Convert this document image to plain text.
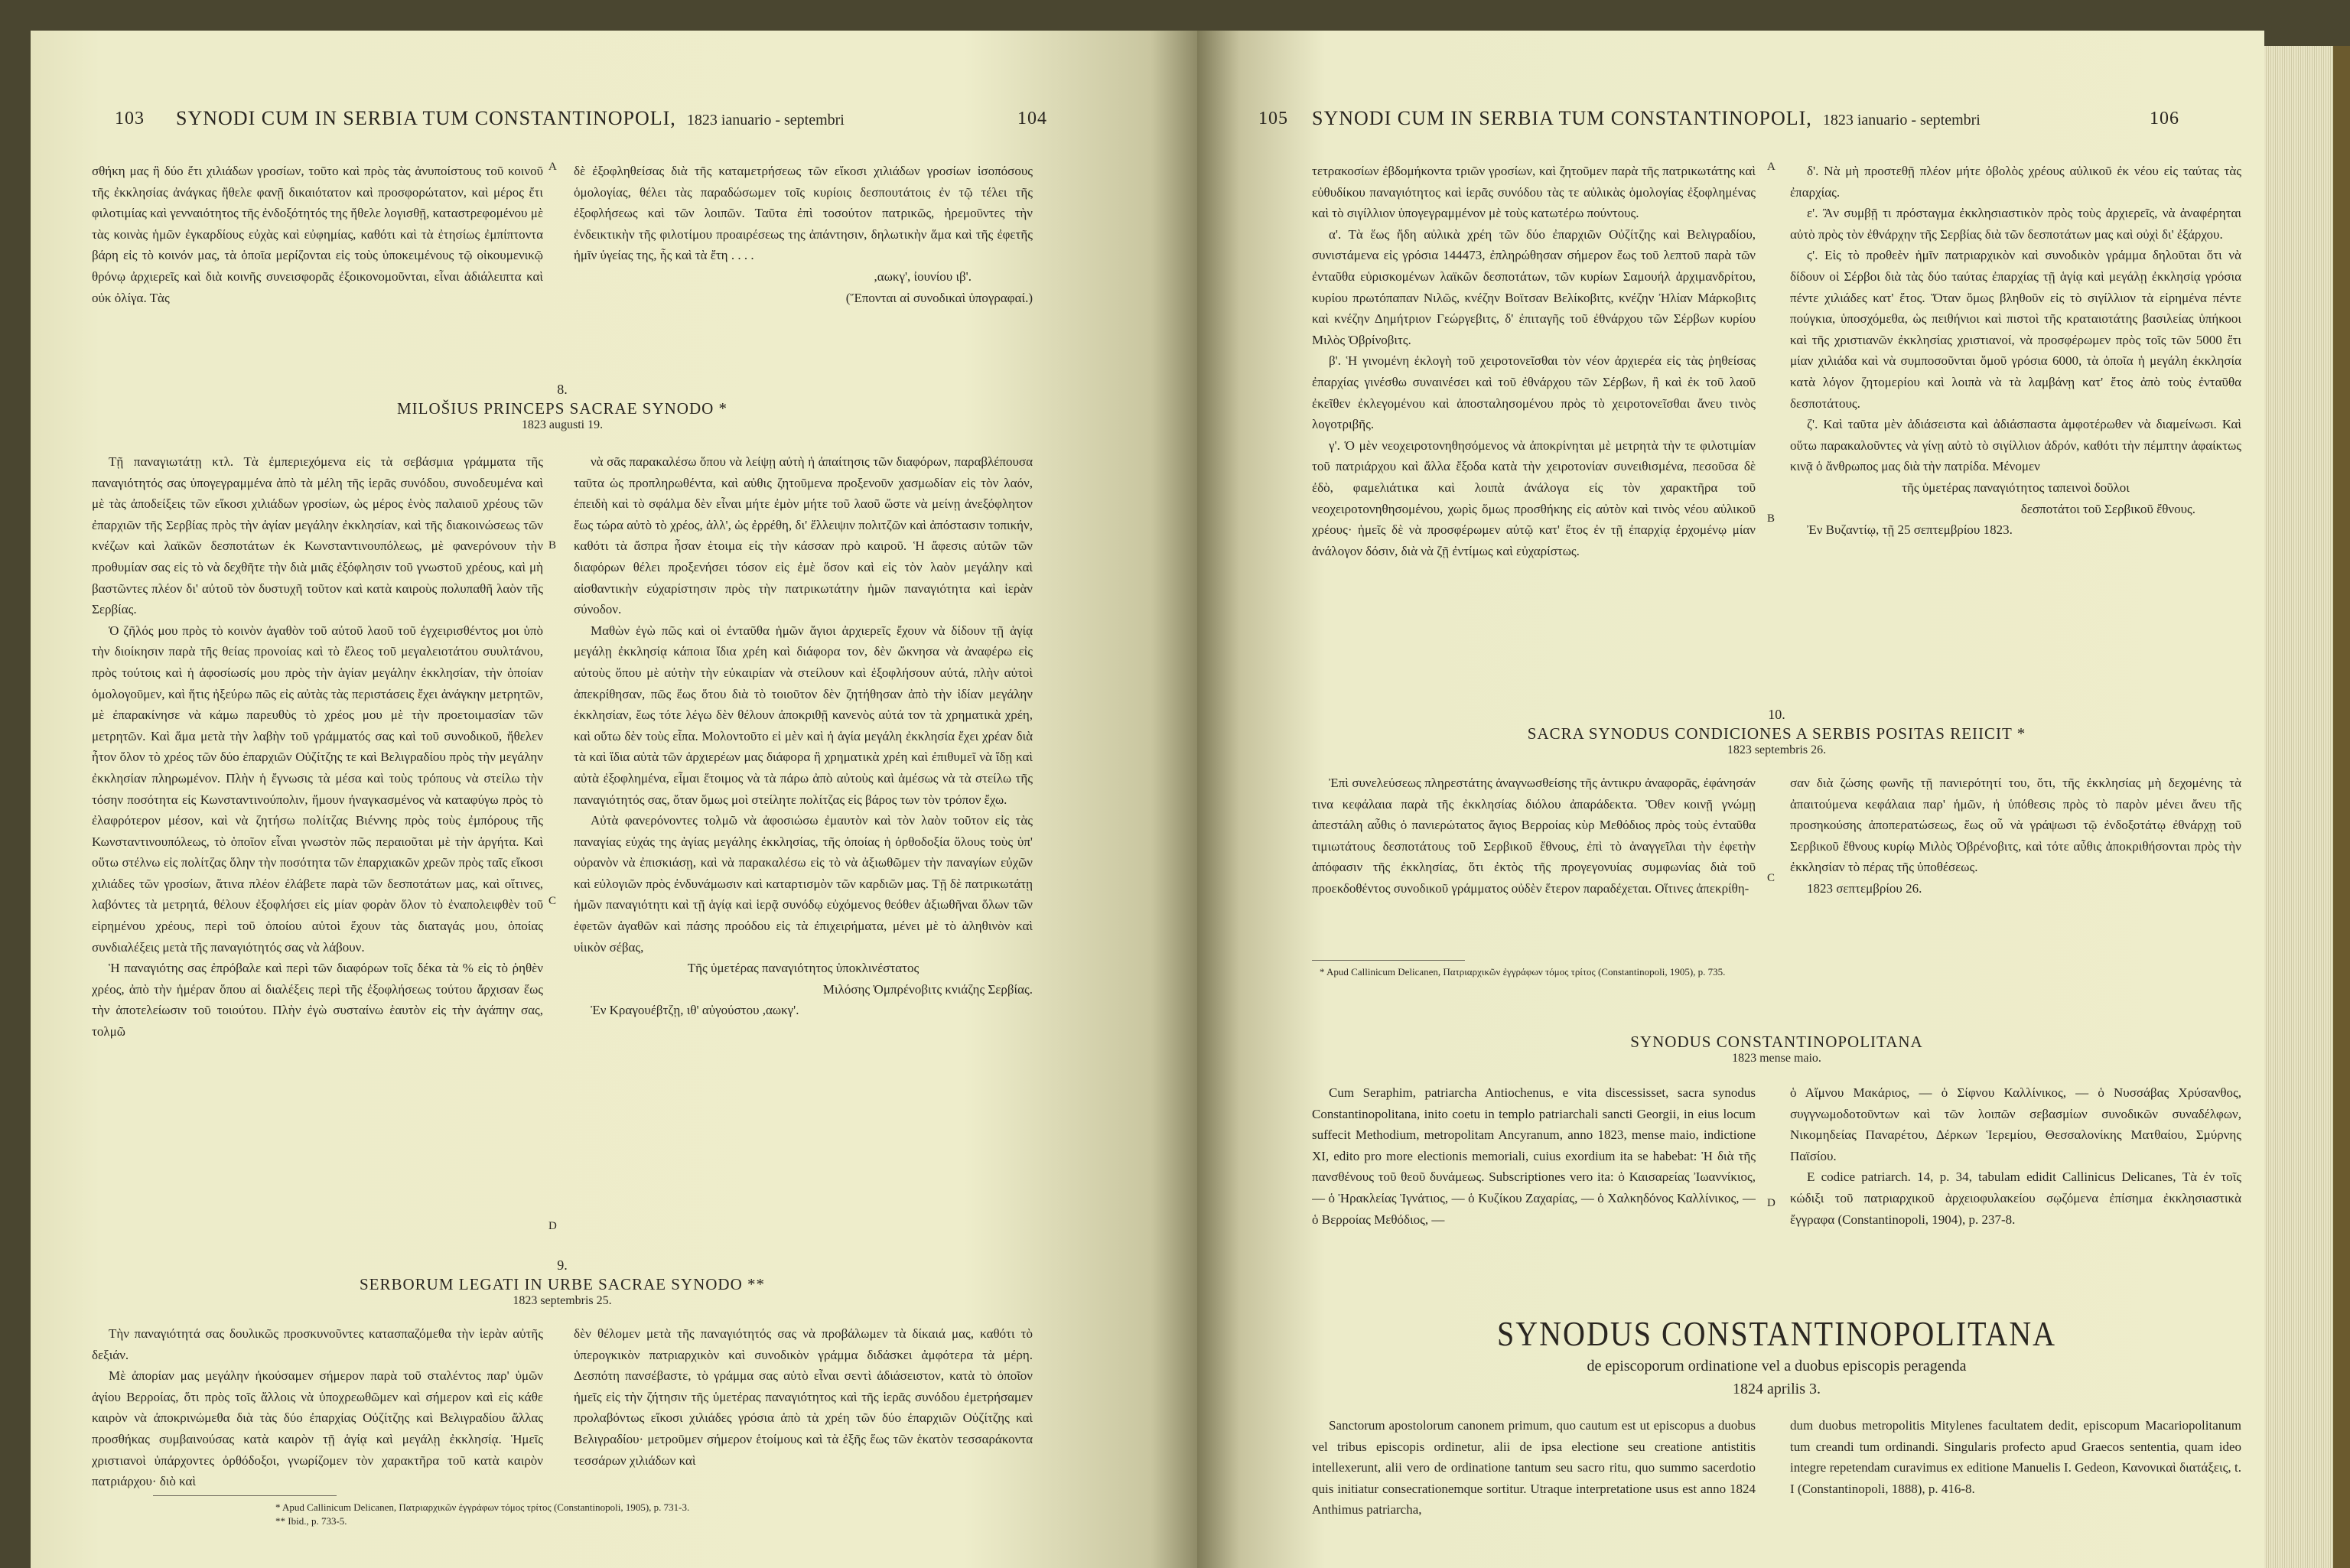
103 SYNODI CUM IN SERBIA TUM CONSTANTINOPOLI, 1823 ianuario - septembri	104
σθήκη μας ἢ δύο ἔτι χιλιάδων γροσίων, τοῦτο καὶ πρὸς τὰς ἀνυποίστους τοῦ κοινοῦ τῆς ἐκκλησίας ἀνάγκας ἤθελε φανῇ δικαιότατον καὶ προσφορώτατον, καὶ μέρος ἔτι φιλοτιμίας καὶ γενναιότητος τῆς ἐνδοξότητός της ἤθελε λογισθῇ, καταστρεφομένου μὲ τὰς κοινὰς ἡμῶν ἐγκαρδίους εὐχὰς καὶ εὐφημίας, καθότι καὶ τὰ ἐτησίως ἐμπίπτοντα βάρη εἰς τὸ κοινόν μας, τὰ ὁποῖα μερίζονται εἰς τοὺς ὑποκειμένους τῷ οἰκουμενικῷ θρόνῳ ἀρχιερεῖς καὶ διὰ κοινῆς συνεισφορᾶς ἐξοικονομοῦνται, εἶναι ἀδιάλειπτα καὶ οὐκ ὀλίγα. Τὰς

δὲ ἐξοφληθείσας διὰ τῆς καταμετρήσεως τῶν εἴκοσι χιλιάδων γροσίων ἰσοπόσους ὁμολογίας, θέλει τὰς παραδώσωμεν τοῖς κυρίοις δεσπουτάτοις ἐν τῷ τέλει τῆς ἐξοφλήσεως καὶ τῶν λοιπῶν. Ταῦτα ἐπὶ τοσούτον πατρικῶς, ἠρεμοῦντες τὴν ἐνδεικτικὴν τῆς φιλοτίμου προαιρέσεως της ἀπάντησιν, δηλωτικὴν ἅμα καὶ τῆς ἐφετῆς ἡμῖν ὑγείας της, ἧς καὶ τὰ ἔτη . . . .

,αωκγ', ἰουνίου ιβ'.
(Ἕπονται αἱ συνοδικαὶ ὑπογραφαί.)
8.
MILOŠIUS PRINCEPS SACRAE SYNODO *
1823 augusti 19.

Τῇ παναγιωτάτῃ κτλ. Τὰ ἐμπεριεχόμενα εἰς τὰ σεβάσμια γράμματα τῆς παναγιότητός σας ὑπογεγραμμένα ἀπὸ τὰ μέλη τῆς ἱερᾶς συνόδου, συνοδευμένα καὶ μὲ τὰς ἀποδείξεις τῶν εἴκοσι χιλιάδων γροσίων, ὡς μέρος ἑνὸς παλαιοῦ χρέους τῶν ἐπαρχιῶν τῆς Σερβίας πρὸς τὴν ἁγίαν μεγάλην ἐκκλησίαν, καὶ τῆς διακοινώσεως τῶν κνέζων καὶ λαϊκῶν δεσποτάτων ἐκ Κωνσταντινουπόλεως, μὲ φανερόνουν τὴν προθυμίαν σας εἰς τὸ νὰ δεχθῆτε τὴν διὰ μιᾶς ἐξόφλησιν τοῦ γνωστοῦ χρέους, καὶ μὴ βαστῶντες πλέον δι' αὐτοῦ τὸν δυστυχῆ τοῦτον καὶ κατὰ καιροὺς πολυπαθῆ λαὸν τῆς Σερβίας.

Ὁ ζῆλός μου πρὸς τὸ κοινὸν ἀγαθὸν τοῦ αὐτοῦ λαοῦ τοῦ ἐγχειρισθέντος μοι ὑπὸ τὴν διοίκησιν παρὰ τῆς θείας προνοίας καὶ τὸ ἔλεος τοῦ μεγαλειοτάτου συυλτάνου, πρὸς τούτοις καὶ ἡ ἀφοσίωσίς μου πρὸς τὴν ἁγίαν μεγάλην ἐκκλησίαν, τὴν ὁποίαν ὁμολογοῦμεν, καὶ ἥτις ἠξεύρω πῶς εἰς αὐτὰς τὰς περιστάσεις ἔχει ἀνάγκην μετρητῶν, μὲ ἐπαρακίνησε νὰ κάμω παρευθὺς τὸ χρέος μου μὲ τὴν προετοιμασίαν τῶν μετρητῶν. Καὶ ἅμα μετὰ τὴν λαβὴν τοῦ γράμματός σας καὶ τοῦ συνοδικοῦ, ἤθελεν ἦτον ὅλον τὸ χρέος τῶν δύο ἐπαρχιῶν Οὐζίτζης τε καὶ Βελιγραδίου πρὸς τὴν μεγάλην ἐκκλησίαν πληρωμένον. Πλὴν ἡ ἔγνωσις τὰ μέσα καὶ τοὺς τρόπους νὰ στείλω τὴν τόσην ποσότητα εἰς Κωνσταντινούπολιν, ἤμουν ἠναγκασμένος νὰ καταφύγω πρὸς τὸ ἐλαφρότερον μέσον, καὶ νὰ ζητήσω πολίτζας Βιέννης πρὸς τοὺς ἐμπόρους τῆς Κωνσταντινουπόλεως, τὸ ὁποῖον εἶναι γνωστὸν πῶς περαιοῦται μὲ τὴν ἀργήτα. Καὶ οὕτω στέλνω εἰς πολίτζας ὅλην τὴν ποσότητα τῶν ἐπαρχιακῶν χρεῶν πρὸς ταῖς εἴκοσι χιλιάδες τῶν γροσίων, ἅτινα πλέον ἐλάβετε παρὰ τῶν δεσποτάτων μας, καὶ οἵτινες, λαβόντες τὰ μετρητά, θέλουν ἐξοφλήσει εἰς μίαν φορὰν ὅλον τὸ ἐναπολειφθὲν τοῦ εἰρημένου χρέους, περὶ τοῦ ὁποίου αὐτοὶ ἔχουν τὰς διαταγάς μου, ὁποίας συνδιαλέξεις μετὰ τῆς παναγιότητός σας νὰ λάβουν.

Ἡ παναγιότης σας ἐπρόβαλε καὶ περὶ τῶν διαφόρων τοῖς δέκα τὰ % εἰς τὸ ῥηθὲν χρέος, ἀπὸ τὴν ἡμέραν ὅπου αἱ διαλέξεις περὶ τῆς ἐξοφλήσεως τούτου ἄρχισαν ἕως τὴν ἀποτελείωσιν τοῦ τοιούτου. Πλὴν ἐγὼ συσταίνω ἑαυτὸν εἰς τὴν ἀγάπην σας, τολμῶ

νὰ σᾶς παρακαλέσω ὅπου νὰ λείψῃ αὐτὴ ἡ ἀπαίτησις τῶν διαφόρων, παραβλέπουσα ταῦτα ὡς προπληρωθέντα, καὶ αὐθις ζητοῦμενα προξενοῦν χασμωδίαν εἰς τὸν λαόν, ἐπειδὴ καὶ τὸ σφάλμα δὲν εἶναι μήτε ἐμὸν μήτε τοῦ λαοῦ ὥστε νὰ μείνῃ ἀνεξόφλητον ἕως τώρα αὐτὸ τὸ χρέος, ἀλλ', ὡς ἐρρέθη, δι' ἔλλειψιν πολιτζῶν καὶ ἀπόστασιν τοπικήν, καθότι τὰ ἄσπρα ἦσαν ἑτοιμα εἰς τὴν κάσσαν πρὸ καιροῦ. Ἡ ἄφεσις αὐτῶν τῶν διαφόρων θέλει προξενήσει τόσον εἰς ἐμὲ ὅσον καὶ εἰς τὸν λαὸν μεγάλην καὶ αἰσθαντικὴν εὐχαρίστησιν πρὸς τὴν πατρικωτάτην ἡμῶν παναγιότητα καὶ ἱερὰν σύνοδον.

Μαθὼν ἐγὼ πῶς καὶ οἱ ἐνταῦθα ἡμῶν ἅγιοι ἀρχιερεῖς ἔχουν νὰ δίδουν τῇ ἁγίᾳ μεγάλῃ ἐκκλησίᾳ κάποια ἴδια χρέη καὶ διάφορα τον, δὲν ὤκνησα νὰ ἀναφέρω εἰς αὐτοὺς ὅπου μὲ αὐτὴν τὴν εὐκαιρίαν νὰ στείλουν καὶ ἐξοφλήσουν αὐτά, πλὴν αὐτοὶ ἀπεκρίθησαν, πῶς ἕως ὅτου διὰ τὸ τοιοῦτον δὲν ζητήθησαν ἀπὸ τὴν ἰδίαν μεγάλην ἐκκλησίαν, ἕως τότε λέγω δὲν θέλουν ἀποκριθῇ κανενὸς αὐτά τον τὰ χρηματικὰ χρέη, καὶ οὕτω δὲν τοὺς εἶπα. Μολοντοῦτο εἰ μὲν καὶ ἡ ἁγία μεγάλη ἐκκλησία ἔχει χρέαν διὰ τὰ καὶ ἴδια αὐτὰ τῶν ἀρχιερέων μας διάφορα ἢ χρηματικὰ χρέη καὶ ἐπιθυμεῖ νὰ ἴδῃ καὶ αὐτὰ ἐξοφλημένα, εἶμαι ἕτοιμος νὰ τὰ πάρω ἀπὸ αὐτοὺς καὶ ἀμέσως νὰ τὰ στείλω τῆς παναγιότητός σας, ὅταν ὅμως μοὶ στείλητε πολίτζας εἰς βάρος των τὸν τρόπον ἔχω.

Αὐτὰ φανερόνοντες τολμῶ νὰ ἀφοσιώσω ἐμαυτὸν καὶ τὸν λαὸν τοῦτον εἰς τὰς παναγίας εὐχάς της ἁγίας μεγάλης ἐκκλησίας, τῆς ὁποίας ἡ ὀρθοδοξία ὅλους τοὺς ὑπ' οὐρανὸν νὰ ἐπισκιάσῃ, καὶ νὰ παρακαλέσω εἰς τὸ νὰ ἀξιωθῶμεν τὴν παναγίων εὐχῶν καὶ εὐλογιῶν πρὸς ἐνδυνάμωσιν καὶ καταρτισμὸν τῶν καρδιῶν μας. Τῇ δὲ πατρικωτάτῃ ἡμῶν παναγιότητι καὶ τῇ ἁγίᾳ καὶ ἱερᾷ συνόδῳ εὐχόμενος θεόθεν ἀξιωθῆναι ὅλων τῶν ἐφετῶν ἀγαθῶν καὶ πάσης προόδου εἰς τὰ ἐπιχειρήματα, μένει μὲ τὸ ἀληθινὸν καὶ υἱικὸν σέβας,

Τῆς ὑμετέρας παναγιότητος ὑποκλινέστατος
Μιλόσης Ὀμπρένοβιτς κνιάζης Σερβίας.
Ἐν Κραγουέβτζῃ, ιθ' αὐγούστου ,αωκγ'.
9.
SERBORUM LEGATI IN URBE SACRAE SYNODO **
1823 septembris 25.

Τὴν παναγιότητά σας δουλικῶς προσκυνοῦντες κατασπαζόμεθα τὴν ἱερὰν αὐτῆς δεξιάν.

Μὲ ἀπορίαν μας μεγάλην ἠκούσαμεν σήμερον παρὰ τοῦ σταλέντος παρ' ὑμῶν ἁγίου Βερροίας, ὅτι πρὸς τοῖς ἄλλοις νὰ ὑποχρεωθῶμεν καὶ σήμερον καὶ εἰς κάθε καιρὸν νὰ ἀποκρινώμεθα διὰ τὰς δύο ἐπαρχίας Οὐζίτζης καὶ Βελιγραδίου ἄλλας προσθήκας συμβαινούσας κατὰ καιρὸν τῇ ἁγίᾳ καὶ μεγάλῃ ἐκκλησίᾳ. Ἡμεῖς χριστιανοὶ ὑπάρχοντες ὀρθόδοξοι, γνωρίζομεν τὸν χαρακτῆρα τοῦ κατὰ καιρὸν πατριάρχου· διὸ καὶ

δὲν θέλομεν μετὰ τῆς παναγιότητός σας νὰ προβάλωμεν τὰ δίκαιά μας, καθότι τὸ ὑπερογκικὸν πατριαρχικὸν καὶ συνοδικὸν γράμμα διδάσκει ἀμφότερα τὰ μέρη. Δεσπότη πανσέβαστε, τὸ γράμμα σας αὐτὸ εἶναι σεντὶ ἀδιάσειστον, κατὰ τὸ ὁποῖον ἡμεῖς εἰς τὴν ζήτησιν τῆς ὑμετέρας παναγιότητος καὶ τῆς ἱερᾶς συνόδου ἐμετρήσαμεν προλαβόντως εἴκοσι χιλιάδες γρόσια ἀπὸ τὰ χρέη τῶν δύο ἐπαρχιῶν Οὐζίτζης καὶ Βελιγραδίου· μετροῦμεν σήμερον ἑτοίμους καὶ τὰ ἐξῆς ἕως τῶν ἑκατὸν τεσσαράκοντα τεσσάρων χιλιάδων καὶ

* Apud Callinicum Delicanen, Πατριαρχικῶν ἐγγράφων τόμος τρίτος (Constantinopoli, 1905), p. 731-3.
** Ibid., p. 733-5.
A
B
C
D
105 SYNODI CUM IN SERBIA TUM CONSTANTINOPOLI, 1823 ianuario - septembri	106

τετρακοσίων ἐβδομήκοντα τριῶν γροσίων, καὶ ζητοῦμεν παρὰ τῆς πατρικωτάτης καὶ εὐθυδίκου παναγιότητος καὶ ἱερᾶς συνόδου τὰς τε αὐλικὰς ὁμολογίας ἐξοφλημένας καὶ τὸ σιγίλλιον ὑπογεγραμμένον μὲ τοὺς κατωτέρω πούντους.

α'. Τὰ ἕως ἤδη αὐλικὰ χρέη τῶν δύο ἐπαρχιῶν Οὐζίτζης καὶ Βελιγραδίου, συνιστάμενα εἰς γρόσια 144473, ἐπληρώθησαν σήμερον ἕως τοῦ λεπτοῦ παρὰ τῶν ἐνταῦθα εὑρισκομένων λαϊκῶν δεσποτάτων, τῶν κυρίων Σαμουήλ ἀρχιμανδρίτου, κυρίου πρωτόπαπαν Νιλῶς, κνέζην Βοϊτσαν Βελίκοβιτς, κνέζην Ἠλίαν Μάρκοβιτς καὶ κνέζην Δημήτριον Γεώργεβιτς, δ' ἐπιταγῆς τοῦ ἐθνάρχου τῶν Σέρβων κυρίου Μιλὸς Ὀβρίνοβιτς.

β'. Ἡ γινομένη ἐκλογὴ τοῦ χειροτονεῖσθαι τὸν νέον ἀρχιερέα εἰς τὰς ῥηθείσας ἐπαρχίας γινέσθω συναινέσει καὶ τοῦ ἐθνάρχου τῶν Σέρβων, ἢ καὶ ἐκ τοῦ λαοῦ ἐκεῖθεν ἐκλεγομένου καὶ ἀποσταλησομένου πρὸς τὸ χειροτονεῖσθαι ἄνευ τινὸς λογοτριβῆς.

γ'. Ὁ μὲν νεοχειροτονηθησόμενος νὰ ἀποκρίνηται μὲ μετρητὰ τὴν τε φιλοτιμίαν τοῦ πατριάρχου καὶ ἄλλα ἔξοδα κατὰ τὴν χειροτονίαν συνειθισμένα, πεσοῦσα δὲ ἐδὸ, φαμελιάτικα καὶ λοιπὰ ἀνάλογα εἰς τὸν χαρακτῆρα τοῦ νεοχειροτονηθησομένου, χωρὶς ὅμως προσθήκης εἰς αὐτὸν καὶ τινὸς νέου αὐλικοῦ χρέους· ἡμεῖς δὲ νὰ προσφέρωμεν αὐτῷ κατ' ἔτος ἐν τῇ ἐπαρχίᾳ ἐρχομένῳ μίαν ἀνάλογον δόσιν, διὰ νὰ ζῇ ἐντίμως καὶ εὐχαρίστως.

δ'. Νὰ μὴ προστεθῇ πλέον μήτε ὀβολὸς χρέους αὐλικοῦ ἐκ νέου εἰς ταύτας τὰς ἐπαρχίας.

ε'. Ἂν συμβῇ τι πρόσταγμα ἐκκλησιαστικὸν πρὸς τοὺς ἀρχιερεῖς, νὰ ἀναφέρηται αὐτὸ πρὸς τὸν ἐθνάρχην τῆς Σερβίας διὰ τῶν δεσποτάτων μας καὶ οὐχὶ δι' ἐξάρχου.

ϛ'. Εἰς τὸ προθεὲν ἡμῖν πατριαρχικὸν καὶ συνοδικὸν γράμμα δηλοῦται ὅτι νὰ δίδουν οἱ Σέρβοι διὰ τὰς δύο ταύτας ἐπαρχίας τῇ ἁγίᾳ καὶ μεγάλῃ ἐκκλησίᾳ γρόσια πέντε χιλιάδες κατ' ἔτος. Ὅταν ὅμως βληθοῦν εἰς τὸ σιγίλλιον τὰ εἰρημένα πέντε πούγκια, ὑποσχόμεθα, ὡς πειθήνιοι καὶ πιστοὶ τῆς κραταιοτάτης βασιλείας ὑπήκοοι καὶ τῆς χριστιανῶν ἐκκλησίας χριστιανοί, νὰ προσφέρωμεν πρὸς τοῖς τῶν 5000 ἔτι μίαν χιλιάδα καὶ νὰ συμποσοῦνται ὅμοῦ γρόσια 6000, τὰ ὁποῖα ἡ μεγάλη ἐκκλησία κατὰ λόγον ζητομερίου καὶ λοιπὰ νὰ τὰ λαμβάνῃ κατ' ἔτος ἀπὸ τοὺς ἐνταῦθα δεσποτάτους.

ζ'. Καὶ ταῦτα μὲν ἀδιάσειστα καὶ ἀδιάσπαστα ἀμφοτέρωθεν νὰ διαμείνωσι. Καὶ οὕτω παρακαλοῦντες νὰ γίνῃ αὐτὸ τὸ σιγίλλιον ἀδρόν, καθότι τὴν πέμπτην ἀφαίκτως κινᾷ ὁ ἄνθρωπος μας διὰ τὴν πατρίδα. Μένομεν

τῆς ὑμετέρας παναγιότητος ταπεινοὶ δοῦλοι
δεσποτάτοι τοῦ Σερβικοῦ ἔθνους.
Ἐν Βυζαντίῳ, τῇ 25 σεπτεμβρίου 1823.
10.
SACRA SYNODUS CONDICIONES A SERBIS POSITAS REIICIT *
1823 septembris 26.

Ἐπὶ συνελεύσεως πληρεστάτης ἀναγνωσθείσης τῆς ἀντικρυ ἀναφορᾶς, ἐφάνησάν τινα κεφάλαια παρὰ τῆς ἐκκλησίας διόλου ἀπαράδεκτα. Ὅθεν κοινῇ γνώμῃ ἀπεστάλη αὖθις ὁ πανιερώτατος ἅγιος Βερροίας κὺρ Μεθόδιος πρὸς τοὺς ἐνταῦθα τιμιωτάτους δεσποτάτους τοῦ Σερβικοῦ ἔθνους, ἐπὶ τὸ ἀναγγεῖλαι τὴν ἐφετὴν ἀπόφασιν τῆς ἐκκλησίας, ὅτι ἐκτὸς τῆς προγεγονυίας συμφωνίας διὰ τοῦ προεκδοθέντος συνοδικοῦ γράμματος οὐδὲν ἕτερον παραδέχεται. Οἵτινες ἀπεκρίθη-

σαν διὰ ζώσης φωνῆς τῇ πανιερότητί του, ὅτι, τῆς ἐκκλησίας μὴ δεχομένης τὰ ἀπαιτούμενα κεφάλαια παρ' ἡμῶν, ἡ ὑπόθεσις πρὸς τὸ παρὸν μένει ἄνευ τῆς προσηκούσης ἀποπερατώσεως, ἕως οὗ νὰ γράψωσι τῷ ἐνδοξοτάτῳ ἐθνάρχῃ τοῦ Σερβικοῦ ἔθνους κυρίῳ Μιλὸς Ὀβρένοβιτς, καὶ τότε αὖθις ἀποκριθήσονται πρὸς τὴν ἐκκλησίαν τὸ πέρας τῆς ὑποθέσεως.

1823 σεπτεμβρίου 26.
* Apud Callinicum Delicanen, Πατριαρχικῶν ἐγγράφων τόμος τρίτος (Constantinopoli, 1905), p. 735.
SYNODUS CONSTANTINOPOLITANA
1823 mense maio.

Cum Seraphim, patriarcha Antiochenus, e vita discessisset, sacra synodus Constantinopolitana, inito coetu in templo patriarchali sancti Georgii, in eius locum suffecit Methodium, metropolitam Ancyranum, anno 1823, mense maio, indictione XI, edito pro more electionis memoriali, cuius exordium ita se habebat: Ἡ διὰ τῆς πανσθένους τοῦ θεοῦ δυνάμεως. Subscriptiones vero ita: ὁ Καισαρείας Ἰωαννίκιος, — ὁ Ἡρακλείας Ἰγνάτιος, — ὁ Κυζίκου Ζαχαρίας, — ὁ Χαλκηδόνος Καλλίνικος, — ὁ Βερροίας Μεθόδιος, —

ὁ Αἴμνου Μακάριος, — ὁ Σίφνου Καλλίνικος, — ὁ Νυσσάβας Χρύσανθος, συγγνωμοδοτοῦντων καὶ τῶν λοιπῶν σεβασμίων συνοδικῶν συναδέλφων, Νικομηδείας Παναρέτου, Δέρκων Ἱερεμίου, Θεσσαλονίκης Ματθαίου, Σμύρνης Παϊσίου.

E codice patriarch. 14, p. 34, tabulam edidit Callinicus Delicanes, Τὰ ἐν τοῖς κώδιξι τοῦ πατριαρχικοῦ ἀρχειοφυλακείου σῳζόμενα ἐπίσημα ἐκκλησιαστικὰ ἔγγραφα (Constantinopoli, 1904), p. 237-8.

SYNODUS CONSTANTINOPOLITANA
de episcoporum ordinatione vel a duobus episcopis peragenda
1824 aprilis 3.

Sanctorum apostolorum canonem primum, quo cautum est ut episcopus a duobus vel tribus episcopis ordinetur, alii de ipsa electione seu creatione antistitis intellexerunt, alii vero de ordinatione tantum seu sacro ritu, quo summo sacerdotio quis initiatur consecrationemque sortitur. Utraque interpretatione usus est anno 1824 Anthimus patriarcha,

dum duobus metropolitis Mitylenes facultatem dedit, episcopum Macariopolitanum tum creandi tum ordinandi. Singularis profecto apud Graecos sententia, quam ideo integre repetendam curavimus ex editione Manuelis I. Gedeon, Κανονικαὶ διατάξεις, t. I (Constantinopoli, 1888), p. 416-8.

A
B
C
D
